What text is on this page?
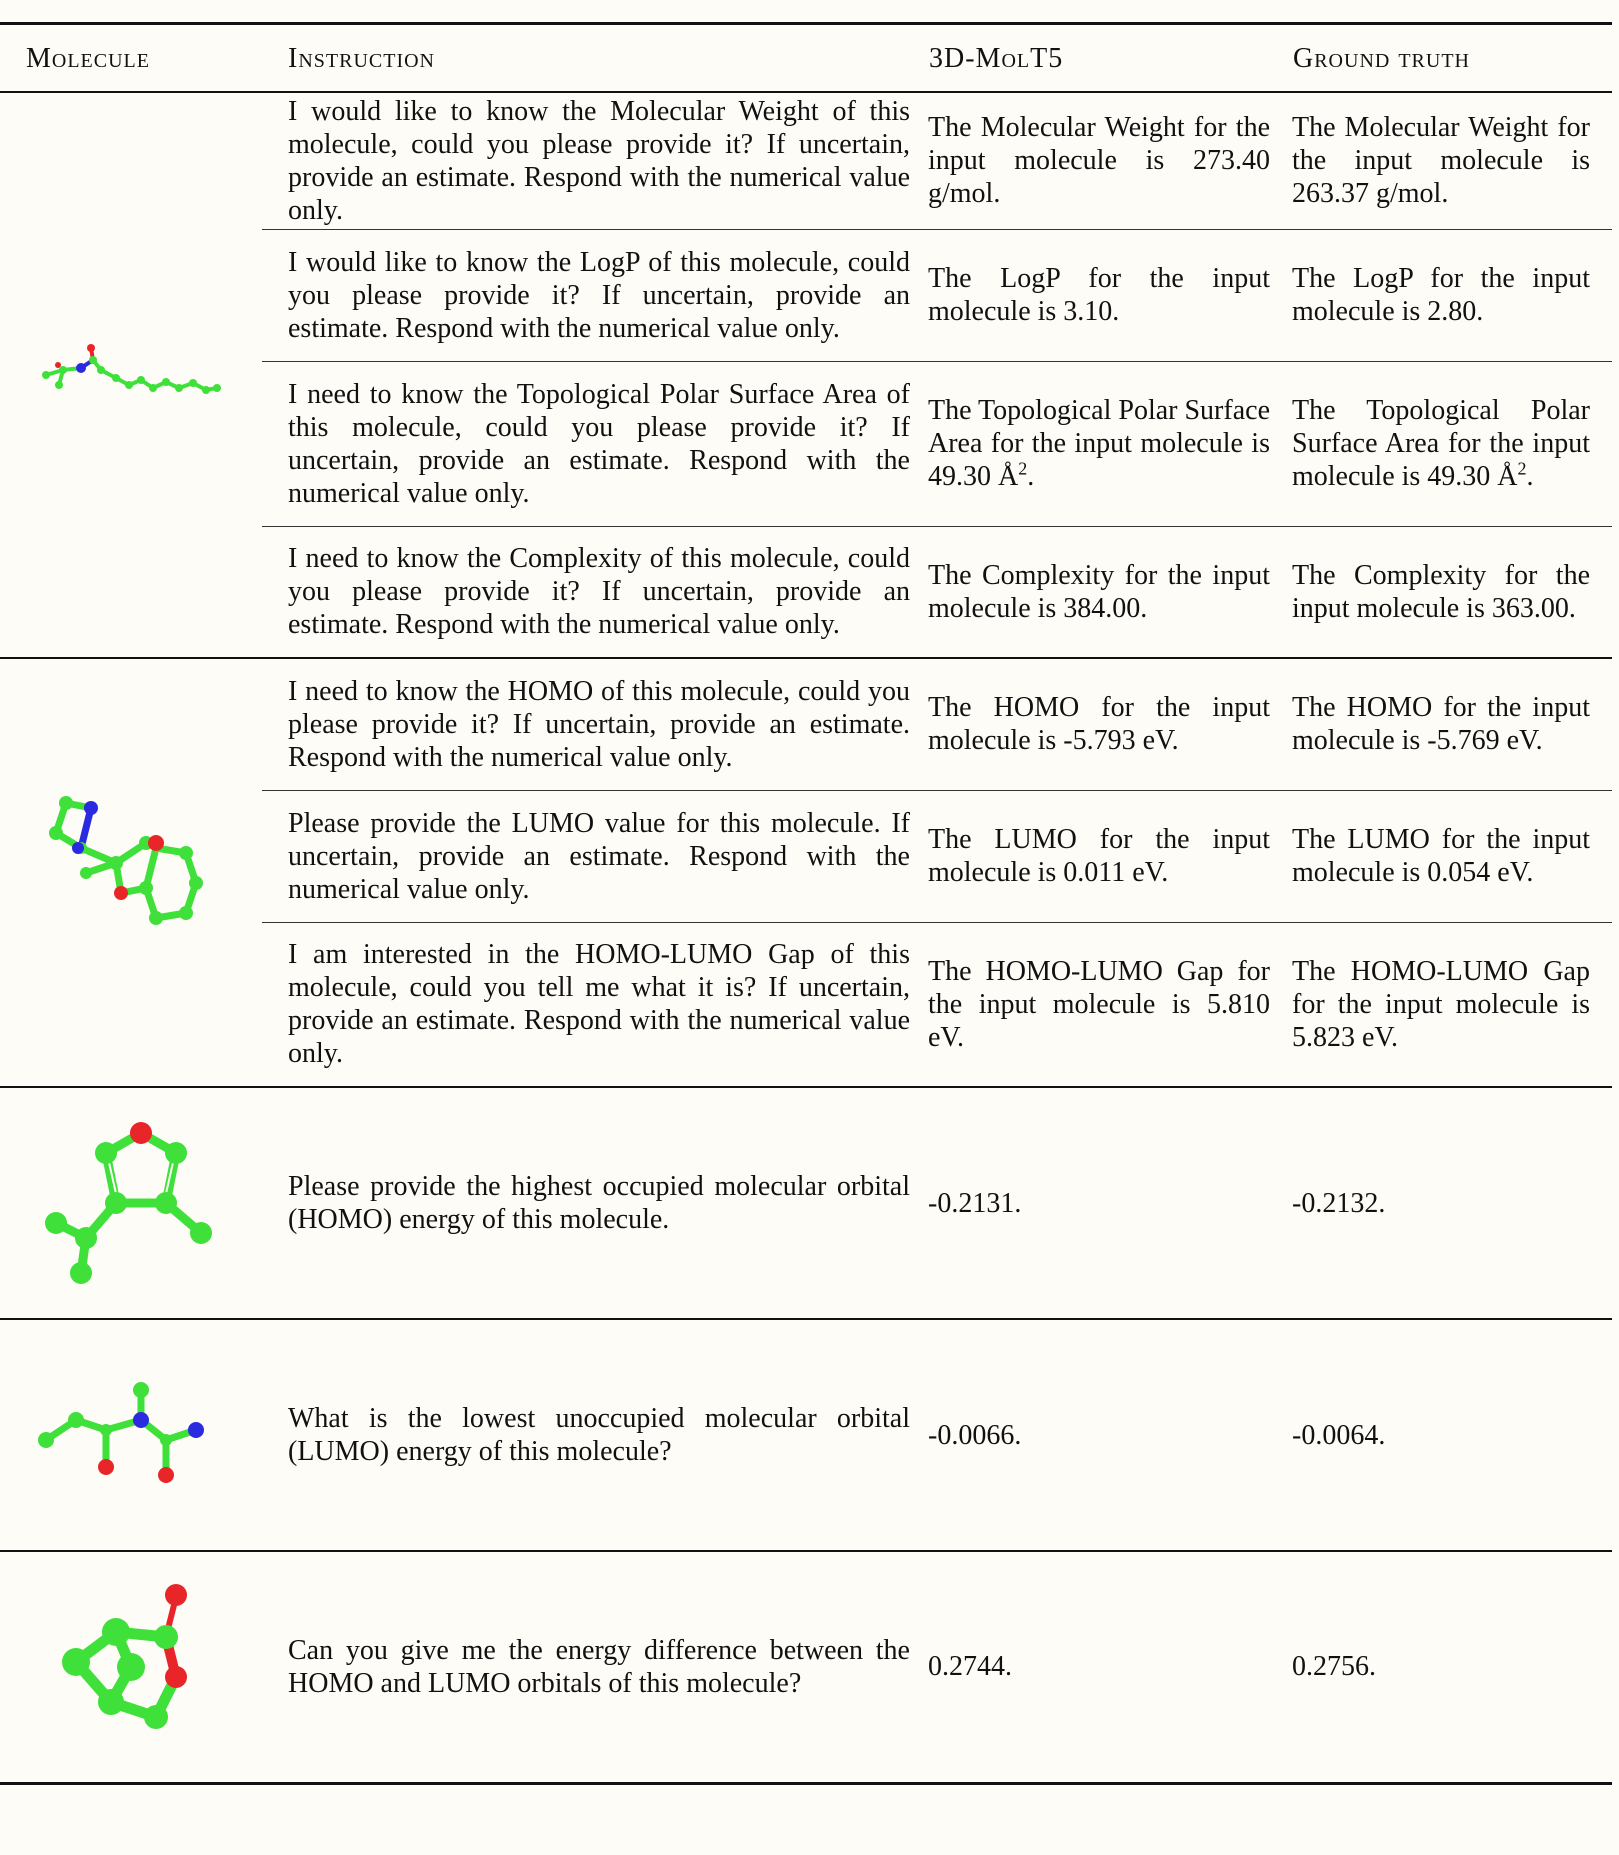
Molecule	Instruction	3D-MolT5	Ground truth

	I would like to know the Molecular Weight of this molecule, could you please provide it? If uncertain, provide an estimate. Respond with the numerical value only.	The Molecular Weight for the input molecule is 273.40 g/mol.	The Molecular Weight for the input molecule is 263.37 g/mol.
	I would like to know the LogP of this molecule, could you please provide it? If uncertain, provide an estimate. Respond with the numerical value only.	The LogP for the input molecule is 3.10.	The LogP for the input molecule is 2.80.
	I need to know the Topological Polar Surface Area of this molecule, could you please provide it? If uncertain, provide an estimate. Respond with the numerical value only.	The Topological Polar Surface Area for the input molecule is 49.30 $Å^2$.	The Topological Polar Surface Area for the input molecule is 49.30 $Å^2$.
	I need to know the Complexity of this molecule, could you please provide it? If uncertain, provide an estimate. Respond with the numerical value only.	The Complexity for the input molecule is 384.00.	The Complexity for the input molecule is 363.00.

	I need to know the HOMO of this molecule, could you please provide it? If uncertain, provide an estimate. Respond with the numerical value only.	The HOMO for the input molecule is -5.793 eV.	The HOMO for the input molecule is -5.769 eV.
	Please provide the LUMO value for this molecule. If uncertain, provide an estimate. Respond with the numerical value only.	The LUMO for the input molecule is 0.011 eV.	The LUMO for the input molecule is 0.054 eV.
	I am interested in the HOMO-LUMO Gap of this molecule, could you tell me what it is? If uncertain, provide an estimate. Respond with the numerical value only.	The HOMO-LUMO Gap for the input molecule is 5.810 eV.	The HOMO-LUMO Gap for the input molecule is 5.823 eV.

	Please provide the highest occupied molecular orbital (HOMO) energy of this molecule.	-0.2131.	-0.2132.

	What is the lowest unoccupied molecular orbital (LUMO) energy of this molecule?	-0.0066.	-0.0064.

	Can you give me the energy difference between the HOMO and LUMO orbitals of this molecule?	0.2744.	0.2756.
